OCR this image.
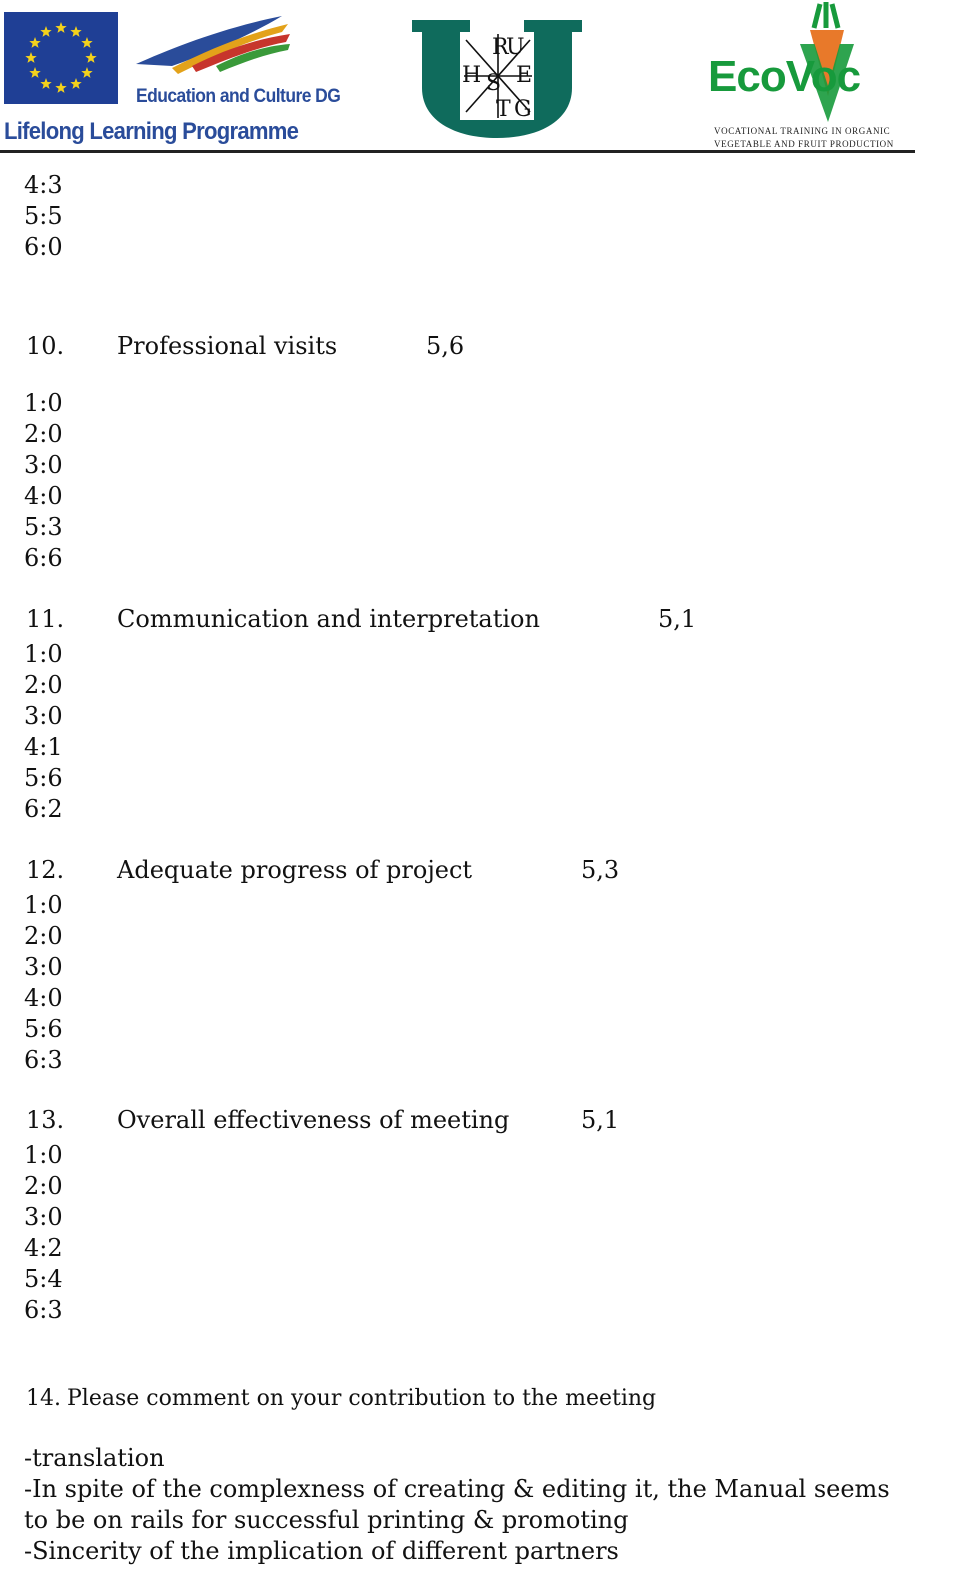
Education and Culture DG
Lifelong Learning Programme
R
S
T
E
H
U
G
EcoVoc
VOCATIONAL TRAINING IN ORGANIC
VEGETABLE AND FRUIT PRODUCTION
4:3
5:5
6:0
10. Professional visits	5,6
1:0
2:0
3:0
4:0
5:3
6:6
11. Communication and interpretation	5,1
1:0
2:0
3:0
4:1
5:6
6:2
12. Adequate progress of project	5,3
1:0
2:0
3:0
4:0
5:6
6:3
13. Overall effectiveness of meeting	5,1
1:0
2:0
3:0
4:2
5:4
6:3
14. Please comment on your contribution to the meeting
-translation
-In spite of the complexness of creating & editing it, the Manual seems
to be on rails for successful printing & promoting
-Sincerity of the implication of different partners
